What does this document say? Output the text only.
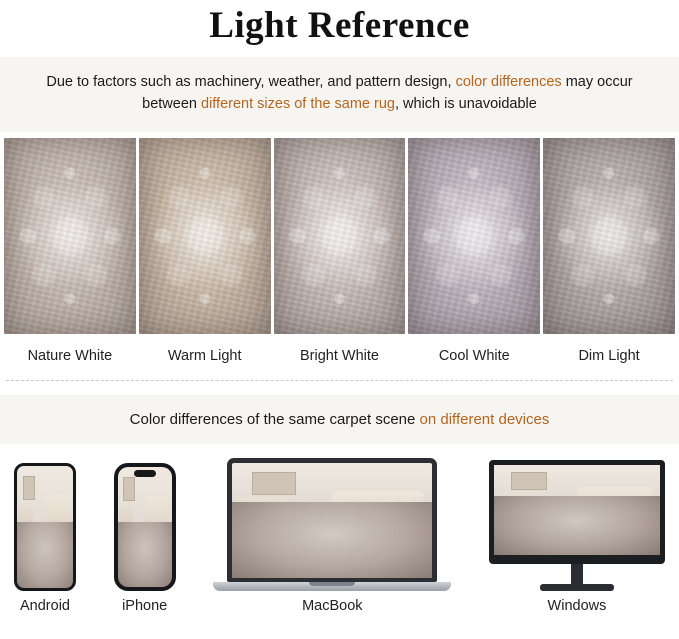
Light Reference
Due to factors such as machinery, weather, and pattern design, color differences may occur between different sizes of the same rug, which is unavoidable
Nature White	Warm Light	Bright White	Cool White	Dim Light
Color differences of the same carpet scene on different devices
Android	iPhone	MacBook	Windows
